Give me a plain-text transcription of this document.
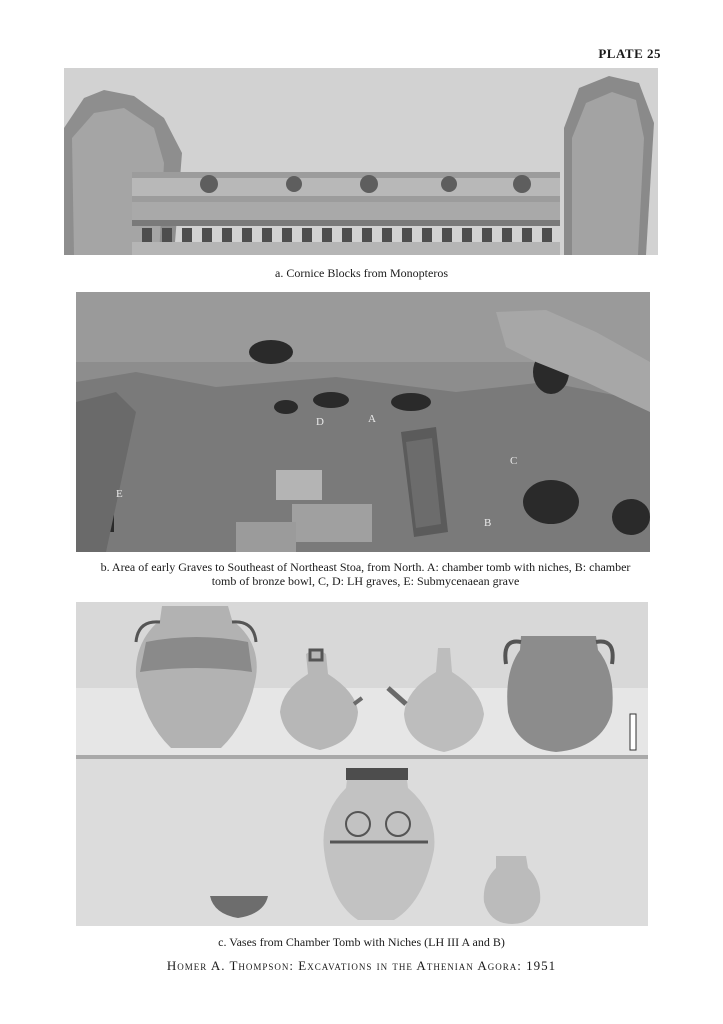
PLATE 25
a. Cornice Blocks from Monopteros
A
B
C
D
E
b. Area of early Graves to Southeast of Northeast Stoa, from North. A: chamber tomb with niches, B: chamber
tomb of bronze bowl, C, D: LH graves, E: Submycenaean grave
c. Vases from Chamber Tomb with Niches (LH III A and B)
Homer A. Thompson: Excavations in the Athenian Agora: 1951
